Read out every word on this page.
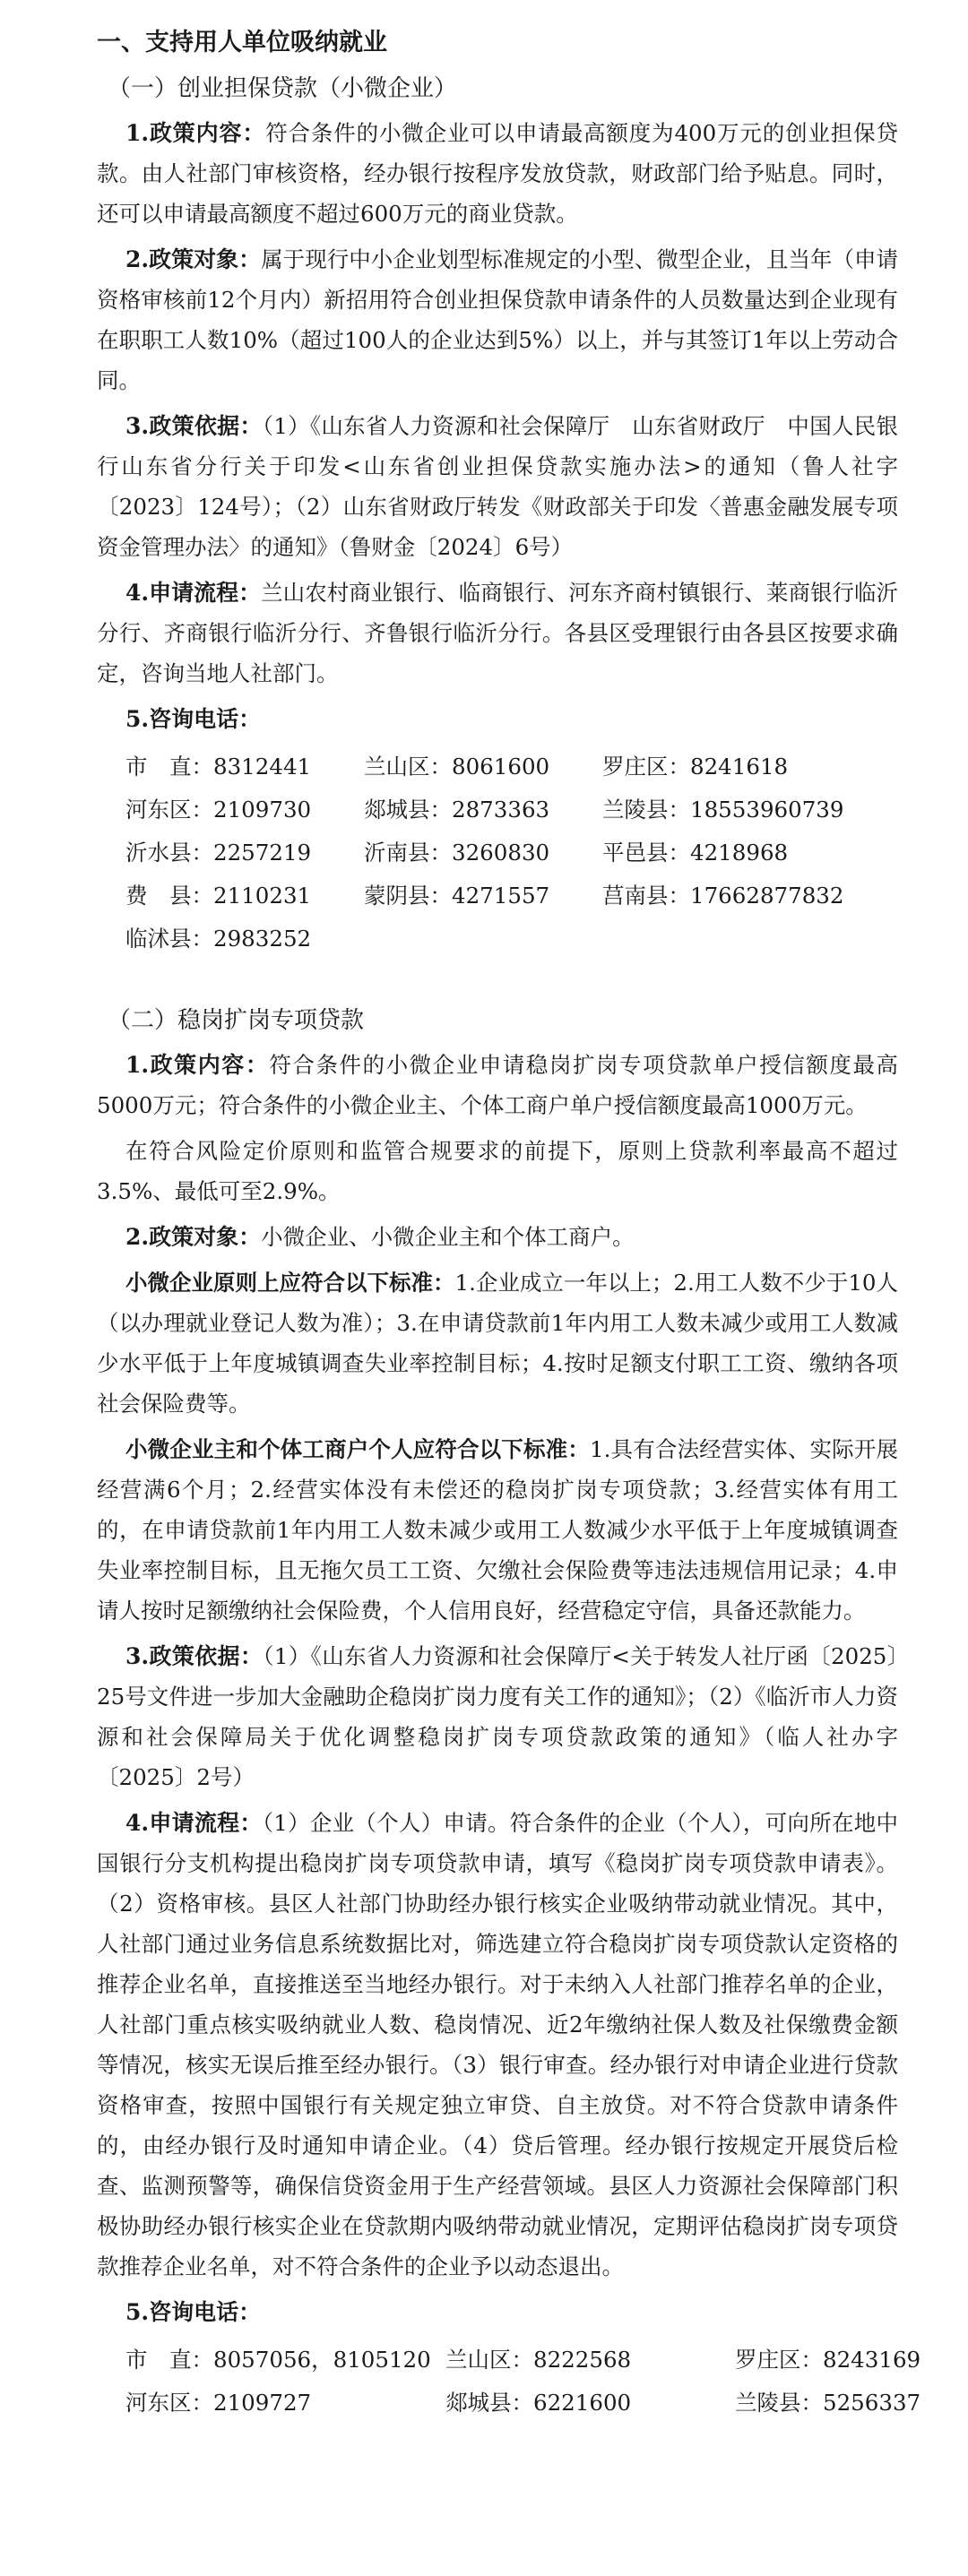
一、支持用人单位吸纳就业
（一）创业担保贷款（小微企业）
1.政策内容：符合条件的小微企业可以申请最高额度为400万元的创业担保贷款。由人社部门审核资格，经办银行按程序发放贷款，财政部门给予贴息。同时，还可以申请最高额度不超过600万元的商业贷款。
2.政策对象：属于现行中小企业划型标准规定的小型、微型企业，且当年（申请资格审核前12个月内）新招用符合创业担保贷款申请条件的人员数量达到企业现有在职职工人数10%（超过100人的企业达到5%）以上，并与其签订1年以上劳动合同。
3.政策依据：（1）《山东省人力资源和社会保障厅　山东省财政厅　中国人民银行山东省分行关于印发<山东省创业担保贷款实施办法>的通知（鲁人社字〔2023〕124号）；（2）山东省财政厅转发《财政部关于印发〈普惠金融发展专项资金管理办法〉的通知》（鲁财金〔2024〕6号）
4.申请流程：兰山农村商业银行、临商银行、河东齐商村镇银行、莱商银行临沂分行、齐商银行临沂分行、齐鲁银行临沂分行。各县区受理银行由各县区按要求确定，咨询当地人社部门。
5.咨询电话：
市　直：8312441	兰山区：8061600	罗庄区：8241618
河东区：2109730	郯城县：2873363	兰陵县：18553960739
沂水县：2257219	沂南县：3260830	平邑县：4218968
费　县：2110231	蒙阴县：4271557	莒南县：17662877832
临沭县：2983252
（二）稳岗扩岗专项贷款
1.政策内容：符合条件的小微企业申请稳岗扩岗专项贷款单户授信额度最高5000万元；符合条件的小微企业主、个体工商户单户授信额度最高1000万元。
在符合风险定价原则和监管合规要求的前提下，原则上贷款利率最高不超过3.5%、最低可至2.9%。
2.政策对象：小微企业、小微企业主和个体工商户。
小微企业原则上应符合以下标准：1.企业成立一年以上；2.用工人数不少于10人（以办理就业登记人数为准）；3.在申请贷款前1年内用工人数未减少或用工人数减少水平低于上年度城镇调查失业率控制目标；4.按时足额支付职工工资、缴纳各项社会保险费等。
小微企业主和个体工商户个人应符合以下标准：1.具有合法经营实体、实际开展经营满6个月；2.经营实体没有未偿还的稳岗扩岗专项贷款；3.经营实体有用工的，在申请贷款前1年内用工人数未减少或用工人数减少水平低于上年度城镇调查失业率控制目标，且无拖欠员工工资、欠缴社会保险费等违法违规信用记录；4.申请人按时足额缴纳社会保险费，个人信用良好，经营稳定守信，具备还款能力。
3.政策依据：（1）《山东省人力资源和社会保障厅<关于转发人社厅函〔2025〕25号文件进一步加大金融助企稳岗扩岗力度有关工作的通知》；（2）《临沂市人力资源和社会保障局关于优化调整稳岗扩岗专项贷款政策的通知》（临人社办字〔2025〕2号）
4.申请流程：（1）企业（个人）申请。符合条件的企业（个人），可向所在地中国银行分支机构提出稳岗扩岗专项贷款申请，填写《稳岗扩岗专项贷款申请表》。（2）资格审核。县区人社部门协助经办银行核实企业吸纳带动就业情况。其中，人社部门通过业务信息系统数据比对，筛选建立符合稳岗扩岗专项贷款认定资格的推荐企业名单，直接推送至当地经办银行。对于未纳入人社部门推荐名单的企业，人社部门重点核实吸纳就业人数、稳岗情况、近2年缴纳社保人数及社保缴费金额等情况，核实无误后推至经办银行。（3）银行审查。经办银行对申请企业进行贷款资格审查，按照中国银行有关规定独立审贷、自主放贷。对不符合贷款申请条件的，由经办银行及时通知申请企业。（4）贷后管理。经办银行按规定开展贷后检查、监测预警等，确保信贷资金用于生产经营领域。县区人力资源社会保障部门积极协助经办银行核实企业在贷款期内吸纳带动就业情况，定期评估稳岗扩岗专项贷款推荐企业名单，对不符合条件的企业予以动态退出。
5.咨询电话：
市　直：8057056，8105120 兰山区：8222568	罗庄区：8243169
河东区：2109727	郯城县：6221600	兰陵县：5256337
